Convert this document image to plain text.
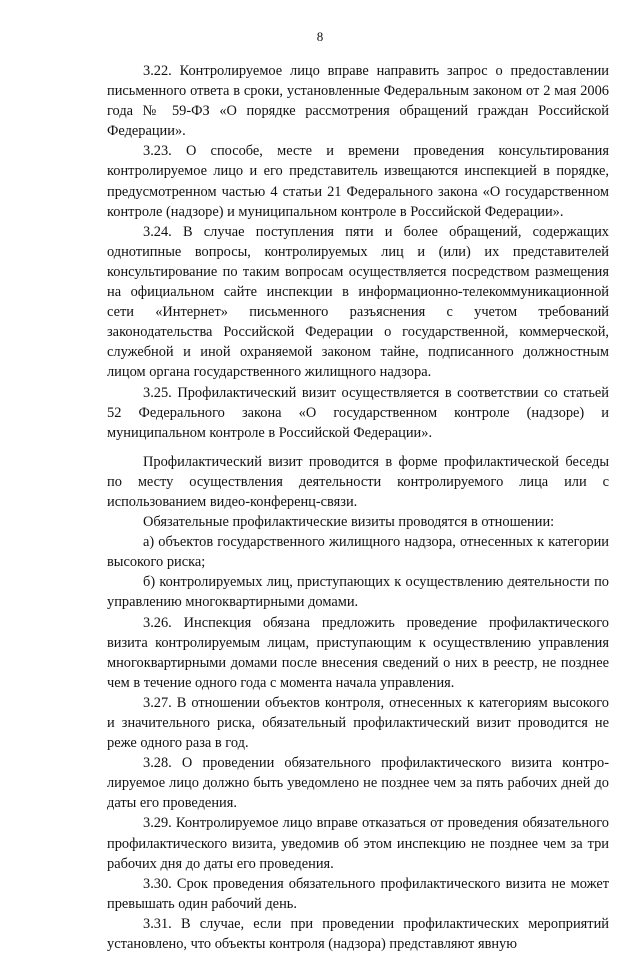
8

3.22. Контролируемое лицо вправе направить запрос о предоставлении письменного ответа в сроки, установленные Федеральным законом от 2 мая 2006 года № 59-ФЗ «О порядке рассмотрения обращений граждан Российской Федерации».

3.23. О способе, месте и времени проведения консультирования контролируемое лицо и его представитель извещаются инспекцией в порядке, предусмотренном частью 4 статьи 21 Федерального закона «О государственном контроле (надзоре) и муниципальном контроле в Российской Федерации».

3.24. В случае поступления пяти и более обращений, содержащих однотипные вопросы, контролируемых лиц и (или) их представителей консультирование по таким вопросам осуществляется посредством размещения на официальном сайте инспекции в информационно-телекоммуникационной сети «Интернет» письменного разъяснения с учетом требований законодательства Российской Федерации о государственной, коммерческой, служебной и иной охраняемой законом тайне, подписанного должностным лицом органа государственного жилищного надзора.

3.25. Профилактический визит осуществляется в соответствии со статьей 52 Федерального закона «О государственном контроле (надзоре) и муниципальном контроле в Российской Федерации».

Профилактический визит проводится в форме профилактической беседы по месту осуществления деятельности контролируемого лица или с использованием видео-конференц-связи.

Обязательные профилактические визиты проводятся в отношении:

а) объектов государственного жилищного надзора, отнесенных к категории высокого риска;

б) контролируемых лиц, приступающих к осуществлению деятельности по управлению многоквартирными домами.

3.26. Инспекция обязана предложить проведение профилактического визита контролируемым лицам, приступающим к осуществлению управления многоквартирными домами после внесения сведений о них в реестр, не позднее чем в течение одного года с момента начала управления.

3.27. В отношении объектов контроля, отнесенных к категориям высокого и значительного риска, обязательный профилактический визит проводится не реже одного раза в год.

3.28. О проведении обязательного профилактического визита контролируемое лицо должно быть уведомлено не позднее чем за пять рабочих дней до даты его проведения.

3.29. Контролируемое лицо вправе отказаться от проведения обязательного профилактического визита, уведомив об этом инспекцию не позднее чем за три рабочих дня до даты его проведения.

3.30. Срок проведения обязательного профилактического визита не может превышать один рабочий день.

3.31. В случае, если при проведении профилактических мероприятий установлено, что объекты контроля (надзора) представляют явную
